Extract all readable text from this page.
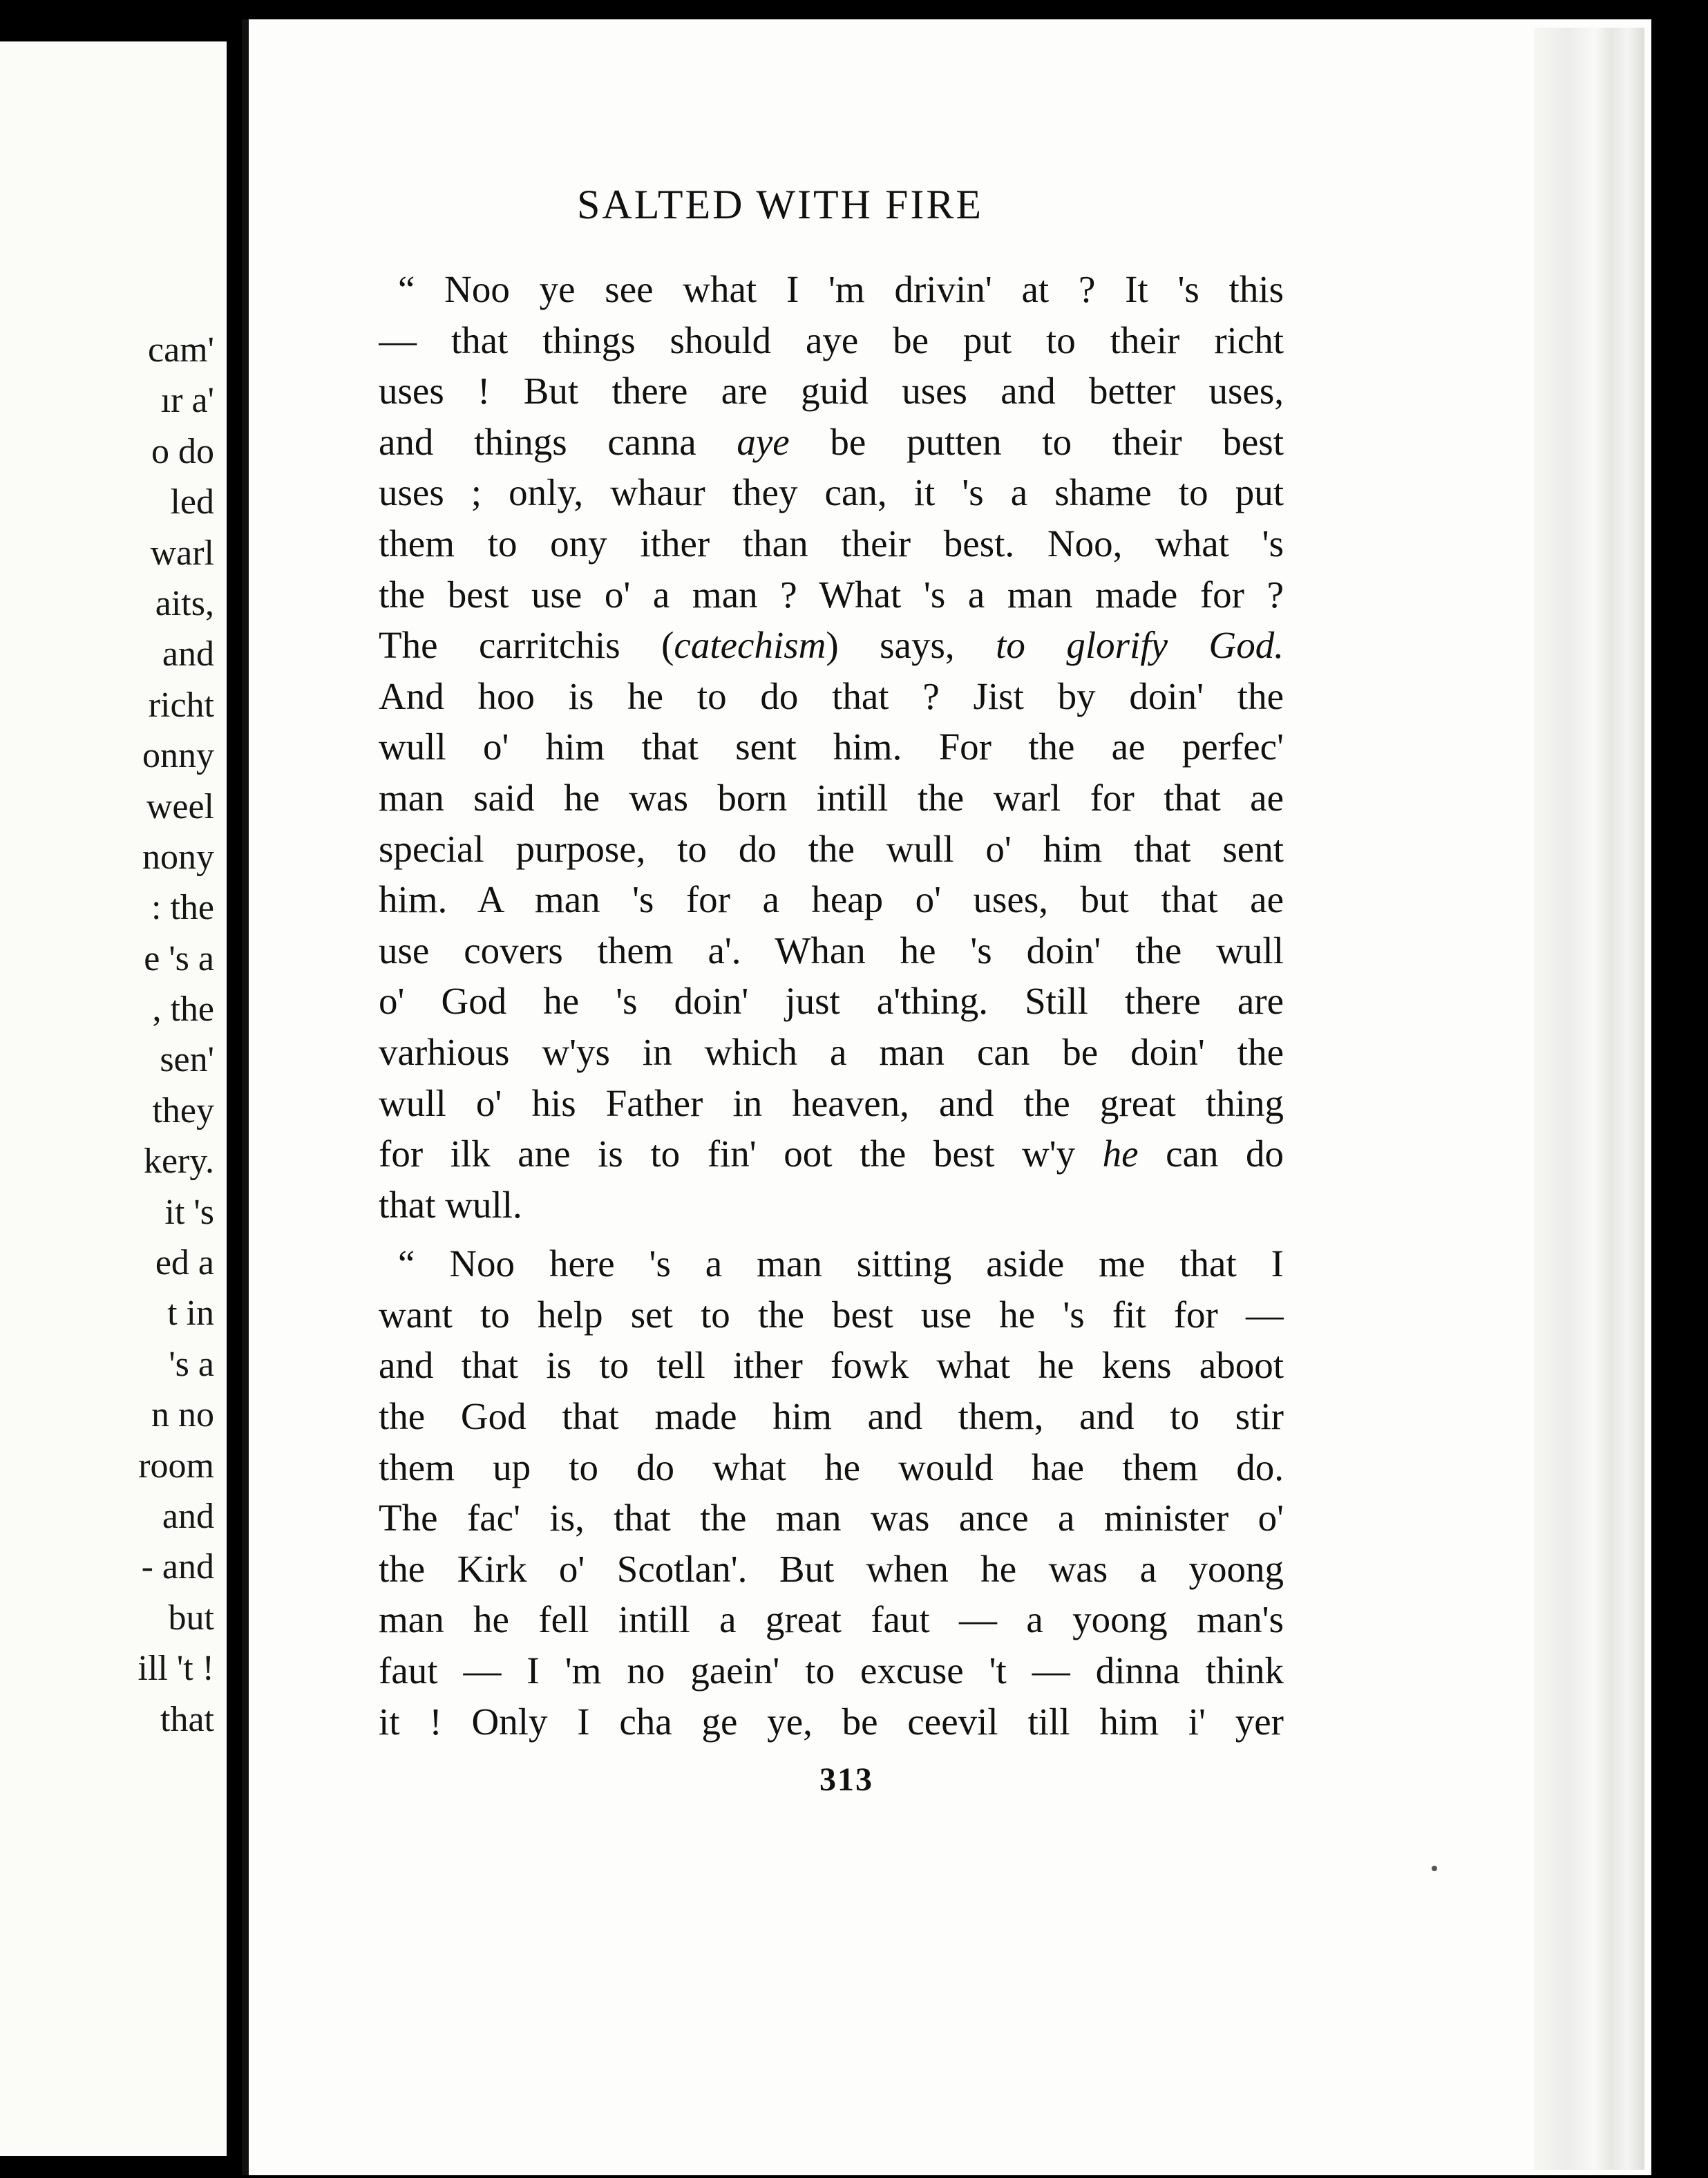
cam'
ır a'
o do
led
warl
aits,
and
richt
onny
weel
nony
: the
e 's a
, the
sen'
they
kery.
it 's
ed a
t in
's a
n no
room
and
- and
but
ill 't !
that
SALTED WITH FIRE
“ Noo ye see what I 'm drivin' at ? It 's this
— that things should aye be put to their richt
uses ! But there are guid uses and better uses,
and things canna aye be putten to their best
uses ; only, whaur they can, it 's a shame to put
them to ony ither than their best. Noo, what 's
the best use o' a man ? What 's a man made for ?
The carritchis (catechism) says, to glorify God.
And hoo is he to do that ? Jist by doin' the
wull o' him that sent him. For the ae perfec'
man said he was born intill the warl for that ae
special purpose, to do the wull o' him that sent
him. A man 's for a heap o' uses, but that ae
use covers them a'. Whan he 's doin' the wull
o' God he 's doin' just a'thing. Still there are
varhious w'ys in which a man can be doin' the
wull o' his Father in heaven, and the great thing
for ilk ane is to fin' oot the best w'y he can do
that wull.
“ Noo here 's a man sitting aside me that I
want to help set to the best use he 's fit for —
and that is to tell ither fowk what he kens aboot
the God that made him and them, and to stir
them up to do what he would hae them do.
The fac' is, that the man was ance a minister o'
the Kirk o' Scotlan'. But when he was a yoong
man he fell intill a great faut — a yoong man's
faut — I 'm no gaein' to excuse 't — dinna think
it ! Only I cha ge ye, be ceevil till him i' yer
313
